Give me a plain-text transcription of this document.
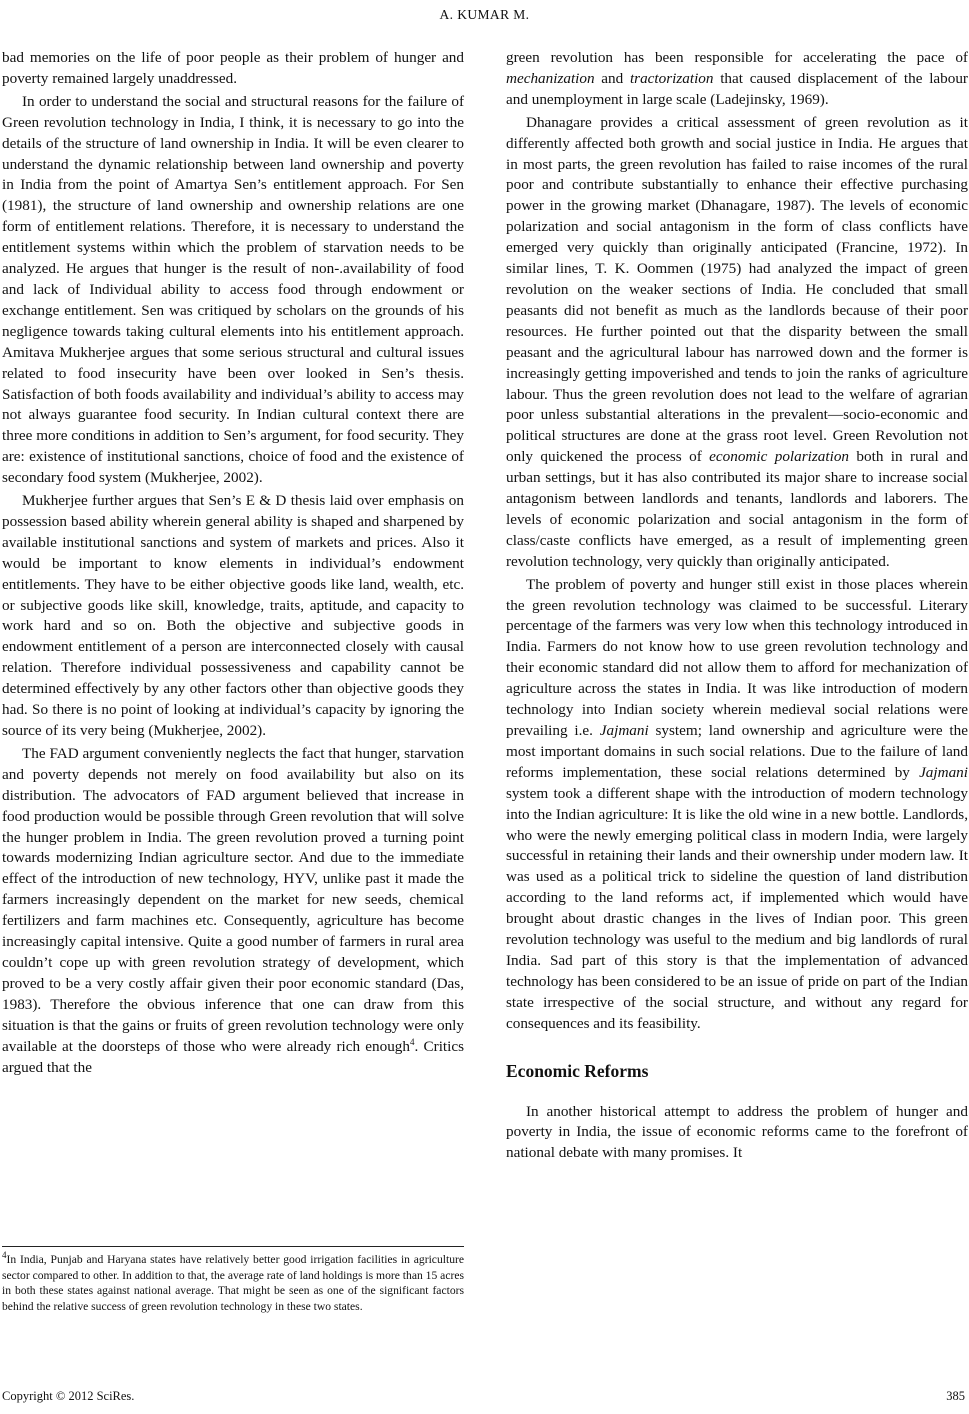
A. KUMAR M.

bad memories on the life of poor people as their problem of hunger and poverty remained largely unaddressed.

In order to understand the social and structural reasons for the failure of Green revolution technology in India, I think, it is necessary to go into the details of the structure of land ownership in India. It will be even clearer to understand the dynamic relationship between land ownership and poverty in India from the point of Amartya Sen’s entitlement approach. For Sen (1981), the structure of land ownership and ownership relations are one form of entitlement relations. Therefore, it is necessary to understand the entitlement systems within which the problem of starvation needs to be analyzed. He argues that hunger is the result of non-.availability of food and lack of Individual ability to access food through endowment or exchange entitlement. Sen was critiqued by scholars on the grounds of his negligence towards taking cultural elements into his entitlement approach. Amitava Mukherjee argues that some serious structural and cultural issues related to food insecurity have been over looked in Sen’s thesis. Satisfaction of both foods availability and individual’s ability to access may not always guarantee food security. In Indian cultural context there are three more conditions in addition to Sen’s argument, for food security. They are: existence of institutional sanctions, choice of food and the existence of secondary food system (Mukherjee, 2002).

Mukherjee further argues that Sen’s E & D thesis laid over emphasis on possession based ability wherein general ability is shaped and sharpened by available institutional sanctions and system of markets and prices. Also it would be important to know elements in individual’s endowment entitlements. They have to be either objective goods like land, wealth, etc. or subjective goods like skill, knowledge, traits, aptitude, and capacity to work hard and so on. Both the objective and subjective goods in endowment entitlement of a person are interconnected closely with causal relation. Therefore individual possessiveness and capability cannot be determined effectively by any other factors other than objective goods they had. So there is no point of looking at individual’s capacity by ignoring the source of its very being (Mukherjee, 2002).

The FAD argument conveniently neglects the fact that hunger, starvation and poverty depends not merely on food availability but also on its distribution. The advocators of FAD argument believed that increase in food production would be possible through Green revolution that will solve the hunger problem in India. The green revolution proved a turning point towards modernizing Indian agriculture sector. And due to the immediate effect of the introduction of new technology, HYV, unlike past it made the farmers increasingly dependent on the market for new seeds, chemical fertilizers and farm machines etc. Consequently, agriculture has become increasingly capital intensive. Quite a good number of farmers in rural area couldn’t cope up with green revolution strategy of development, which proved to be a very costly affair given their poor economic standard (Das, 1983). Therefore the obvious inference that one can draw from this situation is that the gains or fruits of green revolution technology were only available at the doorsteps of those who were already rich enough$^4$. Critics argued that the

green revolution has been responsible for accelerating the pace of mechanization and tractorization that caused displacement of the labour and unemployment in large scale (Ladejinsky, 1969).

Dhanagare provides a critical assessment of green revolution as it differently affected both growth and social justice in India. He argues that in most parts, the green revolution has failed to raise incomes of the rural poor and contribute substantially to enhance their effective purchasing power in the growing market (Dhanagare, 1987). The levels of economic polarization and social antagonism in the form of class conflicts have emerged very quickly than originally anticipated (Francine, 1972). In similar lines, T. K. Oommen (1975) had analyzed the impact of green revolution on the weaker sections of India. He concluded that small peasants did not benefit as much as the landlords because of their poor resources. He further pointed out that the disparity between the small peasant and the agricultural labour has narrowed down and the former is increasingly getting impoverished and tends to join the ranks of agriculture labour. Thus the green revolution does not lead to the welfare of agrarian poor unless substantial alterations in the prevalent—socio-economic and political structures are done at the grass root level. Green Revolution not only quickened the process of economic polarization both in rural and urban settings, but it has also contributed its major share to increase social antagonism between landlords and tenants, landlords and laborers. The levels of economic polarization and social antagonism in the form of class/caste conflicts have emerged, as a result of implementing green revolution technology, very quickly than originally anticipated.

The problem of poverty and hunger still exist in those places wherein the green revolution technology was claimed to be successful. Literary percentage of the farmers was very low when this technology introduced in India. Farmers do not know how to use green revolution technology and their economic standard did not allow them to afford for mechanization of agriculture across the states in India. It was like introduction of modern technology into Indian society wherein medieval social relations were prevailing i.e. Jajmani system; land ownership and agriculture were the most important domains in such social relations. Due to the failure of land reforms implementation, these social relations determined by Jajmani system took a different shape with the introduction of modern technology into the Indian agriculture: It is like the old wine in a new bottle. Landlords, who were the newly emerging political class in modern India, were largely successful in retaining their lands and their ownership under modern law. It was used as a political trick to sideline the question of land distribution according to the land reforms act, if implemented which would have brought about drastic changes in the lives of Indian poor. This green revolution technology was useful to the medium and big landlords of rural India. Sad part of this story is that the implementation of advanced technology has been considered to be an issue of pride on part of the Indian state irrespective of the social structure, and without any regard for consequences and its feasibility.

Economic Reforms

In another historical attempt to address the problem of hunger and poverty in India, the issue of economic reforms came to the forefront of national debate with many promises. It

$^4$In India, Punjab and Haryana states have relatively better good irrigation facilities in agriculture sector compared to other. In addition to that, the average rate of land holdings is more than 15 acres in both these states against national average. That might be seen as one of the significant factors behind the relative success of green revolution technology in these two states.
Copyright © 2012 SciRes.	385
